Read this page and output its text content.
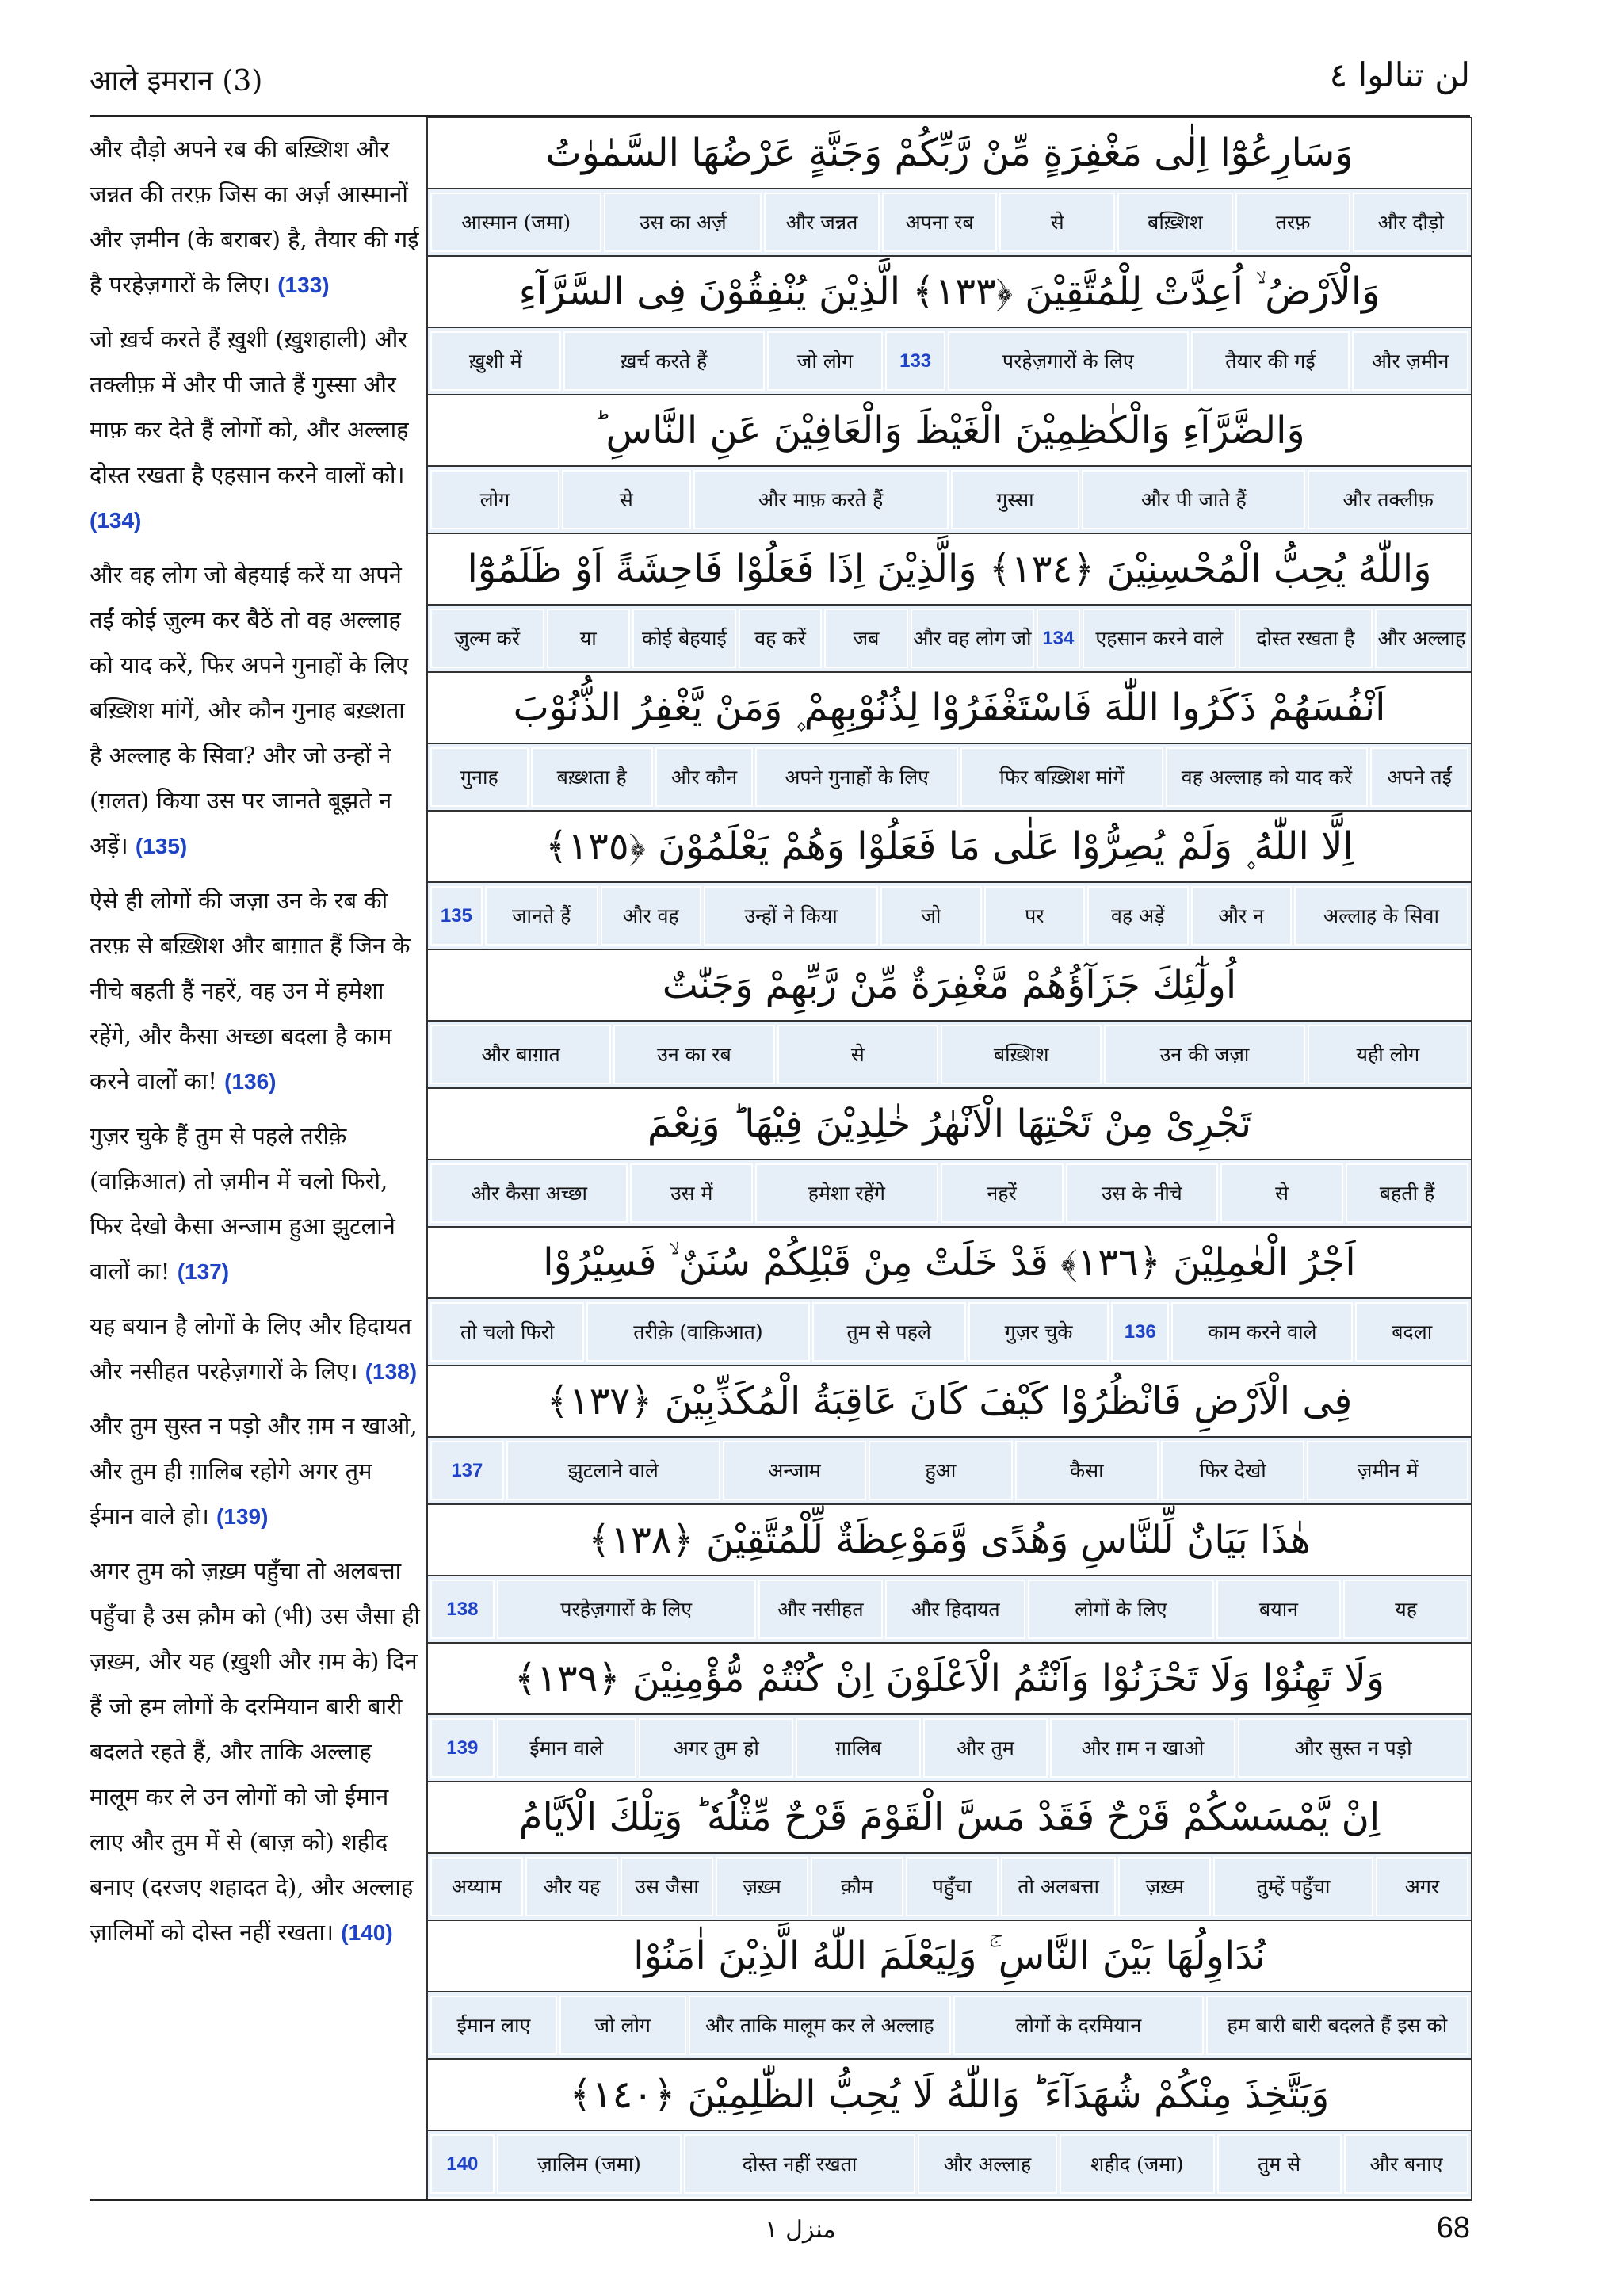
आले इमरान (3)	لن تنالوا ٤
और दौड़ो अपने रब की बख़्शिश और जन्नत की तरफ़ जिस का अर्ज़ आस्मानों और ज़मीन (के बराबर) है, तैयार की गई है परहेज़गारों के लिए। (133)
जो ख़र्च करते हैं ख़ुशी (ख़ुशहाली) और तक्लीफ़ में और पी जाते हैं गुस्सा और माफ़ कर देते हैं लोगों को, और अल्लाह दोस्त रखता है एहसान करने वालों को। (134)
और वह लोग जो बेहयाई करें या अपने तईं कोई ज़ुल्म कर बैठें तो वह अल्लाह को याद करें, फिर अपने गुनाहों के लिए बख़्शिश मांगें, और कौन गुनाह बख़्शता है अल्लाह के सिवा? और जो उन्हों ने (ग़लत) किया उस पर जानते बूझते न अड़ें। (135)
ऐसे ही लोगों की जज़ा उन के रब की तरफ़ से बख़्शिश और बाग़ात हैं जिन के नीचे बहती हैं नहरें, वह उन में हमेशा रहेंगे, और कैसा अच्छा बदला है काम करने वालों का! (136)
गुज़र चुके हैं तुम से पहले तरीक़े (वाक़िआत) तो ज़मीन में चलो फिरो, फिर देखो कैसा अन्जाम हुआ झुटलाने वालों का! (137)
यह बयान है लोगों के लिए और हिदायत और नसीहत परहेज़गारों के लिए। (138)
और तुम सुस्त न पड़ो और ग़म न खाओ, और तुम ही ग़ालिब रहोगे अगर तुम ईमान वाले हो। (139)
अगर तुम को ज़ख़्म पहुँचा तो अलबत्ता पहुँचा है उस क़ौम को (भी) उस जैसा ही ज़ख़्म, और यह (ख़ुशी और ग़म के) दिन हैं जो हम लोगों के दरमियान बारी बारी बदलते रहते हैं, और ताकि अल्लाह मालूम कर ले उन लोगों को जो ईमान लाए और तुम में से (बाज़ को) शहीद बनाए (दरजए शहादत दे), और अल्लाह ज़ालिमों को दोस्त नहीं रखता। (140)
وَسَارِعُوْٓا اِلٰى مَغْفِرَةٍ مِّنْ رَّبِّكُمْ وَجَنَّةٍ عَرْضُهَا السَّمٰوٰتُ
और दौड़ो
तरफ़
बख़्शिश
से
अपना रब
और जन्नत
उस का अर्ज़
आस्मान (जमा)
وَالْاَرْضُ ۙ اُعِدَّتْ لِلْمُتَّقِيْنَ ﴿١٣٣﴾ الَّذِيْنَ يُنْفِقُوْنَ فِى السَّرَّآءِ
और ज़मीन
तैयार की गई
परहेज़गारों के लिए
133
जो लोग
ख़र्च करते हैं
ख़ुशी में
وَالضَّرَّآءِ وَالْكٰظِمِيْنَ الْغَيْظَ وَالْعَافِيْنَ عَنِ النَّاسِ ؕ
और तक्लीफ़
और पी जाते हैं
गुस्सा
और माफ़ करते हैं
से
लोग
وَاللّٰهُ يُحِبُّ الْمُحْسِنِيْنَ ﴿١٣٤﴾ وَالَّذِيْنَ اِذَا فَعَلُوْا فَاحِشَةً اَوْ ظَلَمُوْٓا
और अल्लाह
दोस्त रखता है
एहसान करने वाले
134
और वह लोग जो
जब
वह करें
कोई बेहयाई
या
ज़ुल्म करें
اَنْفُسَهُمْ ذَكَرُوا اللّٰهَ فَاسْتَغْفَرُوْا لِذُنُوْبِهِمْ ۪ وَمَنْ يَّغْفِرُ الذُّنُوْبَ
अपने तईं
वह अल्लाह को याद करें
फिर बख़्शिश मांगें
अपने गुनाहों के लिए
और कौन
बख़्शता है
गुनाह
اِلَّا اللّٰهُ ۪ وَلَمْ يُصِرُّوْا عَلٰى مَا فَعَلُوْا وَهُمْ يَعْلَمُوْنَ ﴿١٣٥﴾
अल्लाह के सिवा
और न
वह अड़ें
पर
जो
उन्हों ने किया
और वह
जानते हैं
135
اُولٰٓئِكَ جَزَآؤُهُمْ مَّغْفِرَةٌ مِّنْ رَّبِّهِمْ وَجَنّٰتٌ
यही लोग
उन की जज़ा
बख़्शिश
से
उन का रब
और बाग़ात
تَجْرِىْ مِنْ تَحْتِهَا الْاَنْهٰرُ خٰلِدِيْنَ فِيْهَا ؕ وَنِعْمَ
बहती हैं
से
उस के नीचे
नहरें
हमेशा रहेंगे
उस में
और कैसा अच्छा
اَجْرُ الْعٰمِلِيْنَ ﴿١٣٦﴾ قَدْ خَلَتْ مِنْ قَبْلِكُمْ سُنَنٌ ۙ فَسِيْرُوْا
बदला
काम करने वाले
136
गुज़र चुके
तुम से पहले
तरीक़े (वाक़िआत)
तो चलो फिरो
فِى الْاَرْضِ فَانْظُرُوْا كَيْفَ كَانَ عَاقِبَةُ الْمُكَذِّبِيْنَ ﴿١٣٧﴾
ज़मीन में
फिर देखो
कैसा
हुआ
अन्जाम
झुटलाने वाले
137
هٰذَا بَيَانٌ لِّلنَّاسِ وَهُدًى وَّمَوْعِظَةٌ لِّلْمُتَّقِيْنَ ﴿١٣٨﴾
यह
बयान
लोगों के लिए
और हिदायत
और नसीहत
परहेज़गारों के लिए
138
وَلَا تَهِنُوْا وَلَا تَحْزَنُوْا وَاَنْتُمُ الْاَعْلَوْنَ اِنْ كُنْتُمْ مُّؤْمِنِيْنَ ﴿١٣٩﴾
और सुस्त न पड़ो
और ग़म न खाओ
और तुम
ग़ालिब
अगर तुम हो
ईमान वाले
139
اِنْ يَّمْسَسْكُمْ قَرْحٌ فَقَدْ مَسَّ الْقَوْمَ قَرْحٌ مِّثْلُهٗ ؕ وَتِلْكَ الْاَيَّامُ
अगर
तुम्हें पहुँचा
ज़ख़्म
तो अलबत्ता
पहुँचा
क़ौम
ज़ख़्म
उस जैसा
और यह
अय्याम
نُدَاوِلُهَا بَيْنَ النَّاسِ ۚ وَلِيَعْلَمَ اللّٰهُ الَّذِيْنَ اٰمَنُوْا
हम बारी बारी बदलते हैं इस को
लोगों के दरमियान
और ताकि मालूम कर ले अल्लाह
जो लोग
ईमान लाए
وَيَتَّخِذَ مِنْكُمْ شُهَدَآءَ ؕ وَاللّٰهُ لَا يُحِبُّ الظّٰلِمِيْنَ ﴿١٤٠﴾
और बनाए
तुम से
शहीद (जमा)
और अल्लाह
दोस्त नहीं रखता
ज़ालिम (जमा)
140
منزل ۱	68
